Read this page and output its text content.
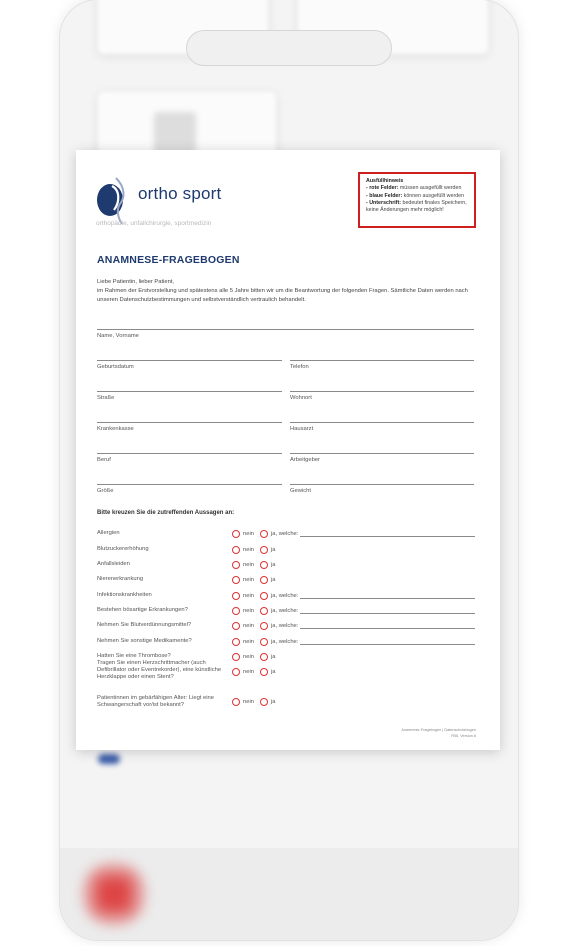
ortho sport
orthopädie, unfallchirurgie, sportmedizin
Ausfüllhinweis
- rote Felder: müssen ausgefüllt werden
- blaue Felder: können ausgefüllt werden
- Unterschrift: bedeutet finales Speichern, keine Änderungen mehr möglich!
ANAMNESE-FRAGEBOGEN
Liebe Patientin, lieber Patient,
im Rahmen der Erstvorstellung und spätestens alle 5 Jahre bitten wir um die Beantwortung der folgenden Fragen. Sämtliche Daten werden nach unseren Datenschutzbestimmungen und selbstverständlich vertraulich behandelt.
Name, Vorname
Geburtsdatum	Telefon
Straße	Wohnort
Krankenkasse	Hausarzt
Beruf	Arbeitgeber
Größe	Gewicht
Bitte kreuzen Sie die zutreffenden Aussagen an:
Allergien	nein	ja, welche:
Blutzuckererhöhung	nein	ja
Anfallsleiden	nein	ja
Nierenerkrankung	nein	ja
Infektionskrankheiten	nein	ja, welche:
Bestehen bösartige Erkrankungen?	nein	ja, welche:
Nehmen Sie Blutverdünnungsmittel?	nein	ja, welche:
Nehmen Sie sonstige Medikamente?	nein	ja, welche:
Hatten Sie eine Thrombose?	nein	ja
Tragen Sie einen Herzschrittmacher (auch Defibrillator oder Eventrekorder), eine künstliche Herzklappe oder einen Stent?
nein	ja
Patientinnen im gebärfähigen Alter: Liegt eine Schwangerschaft vor/ist bekannt?	nein	ja
Anamnese-Fragebogen | Datenschutzbogen
FB5, Version 8
